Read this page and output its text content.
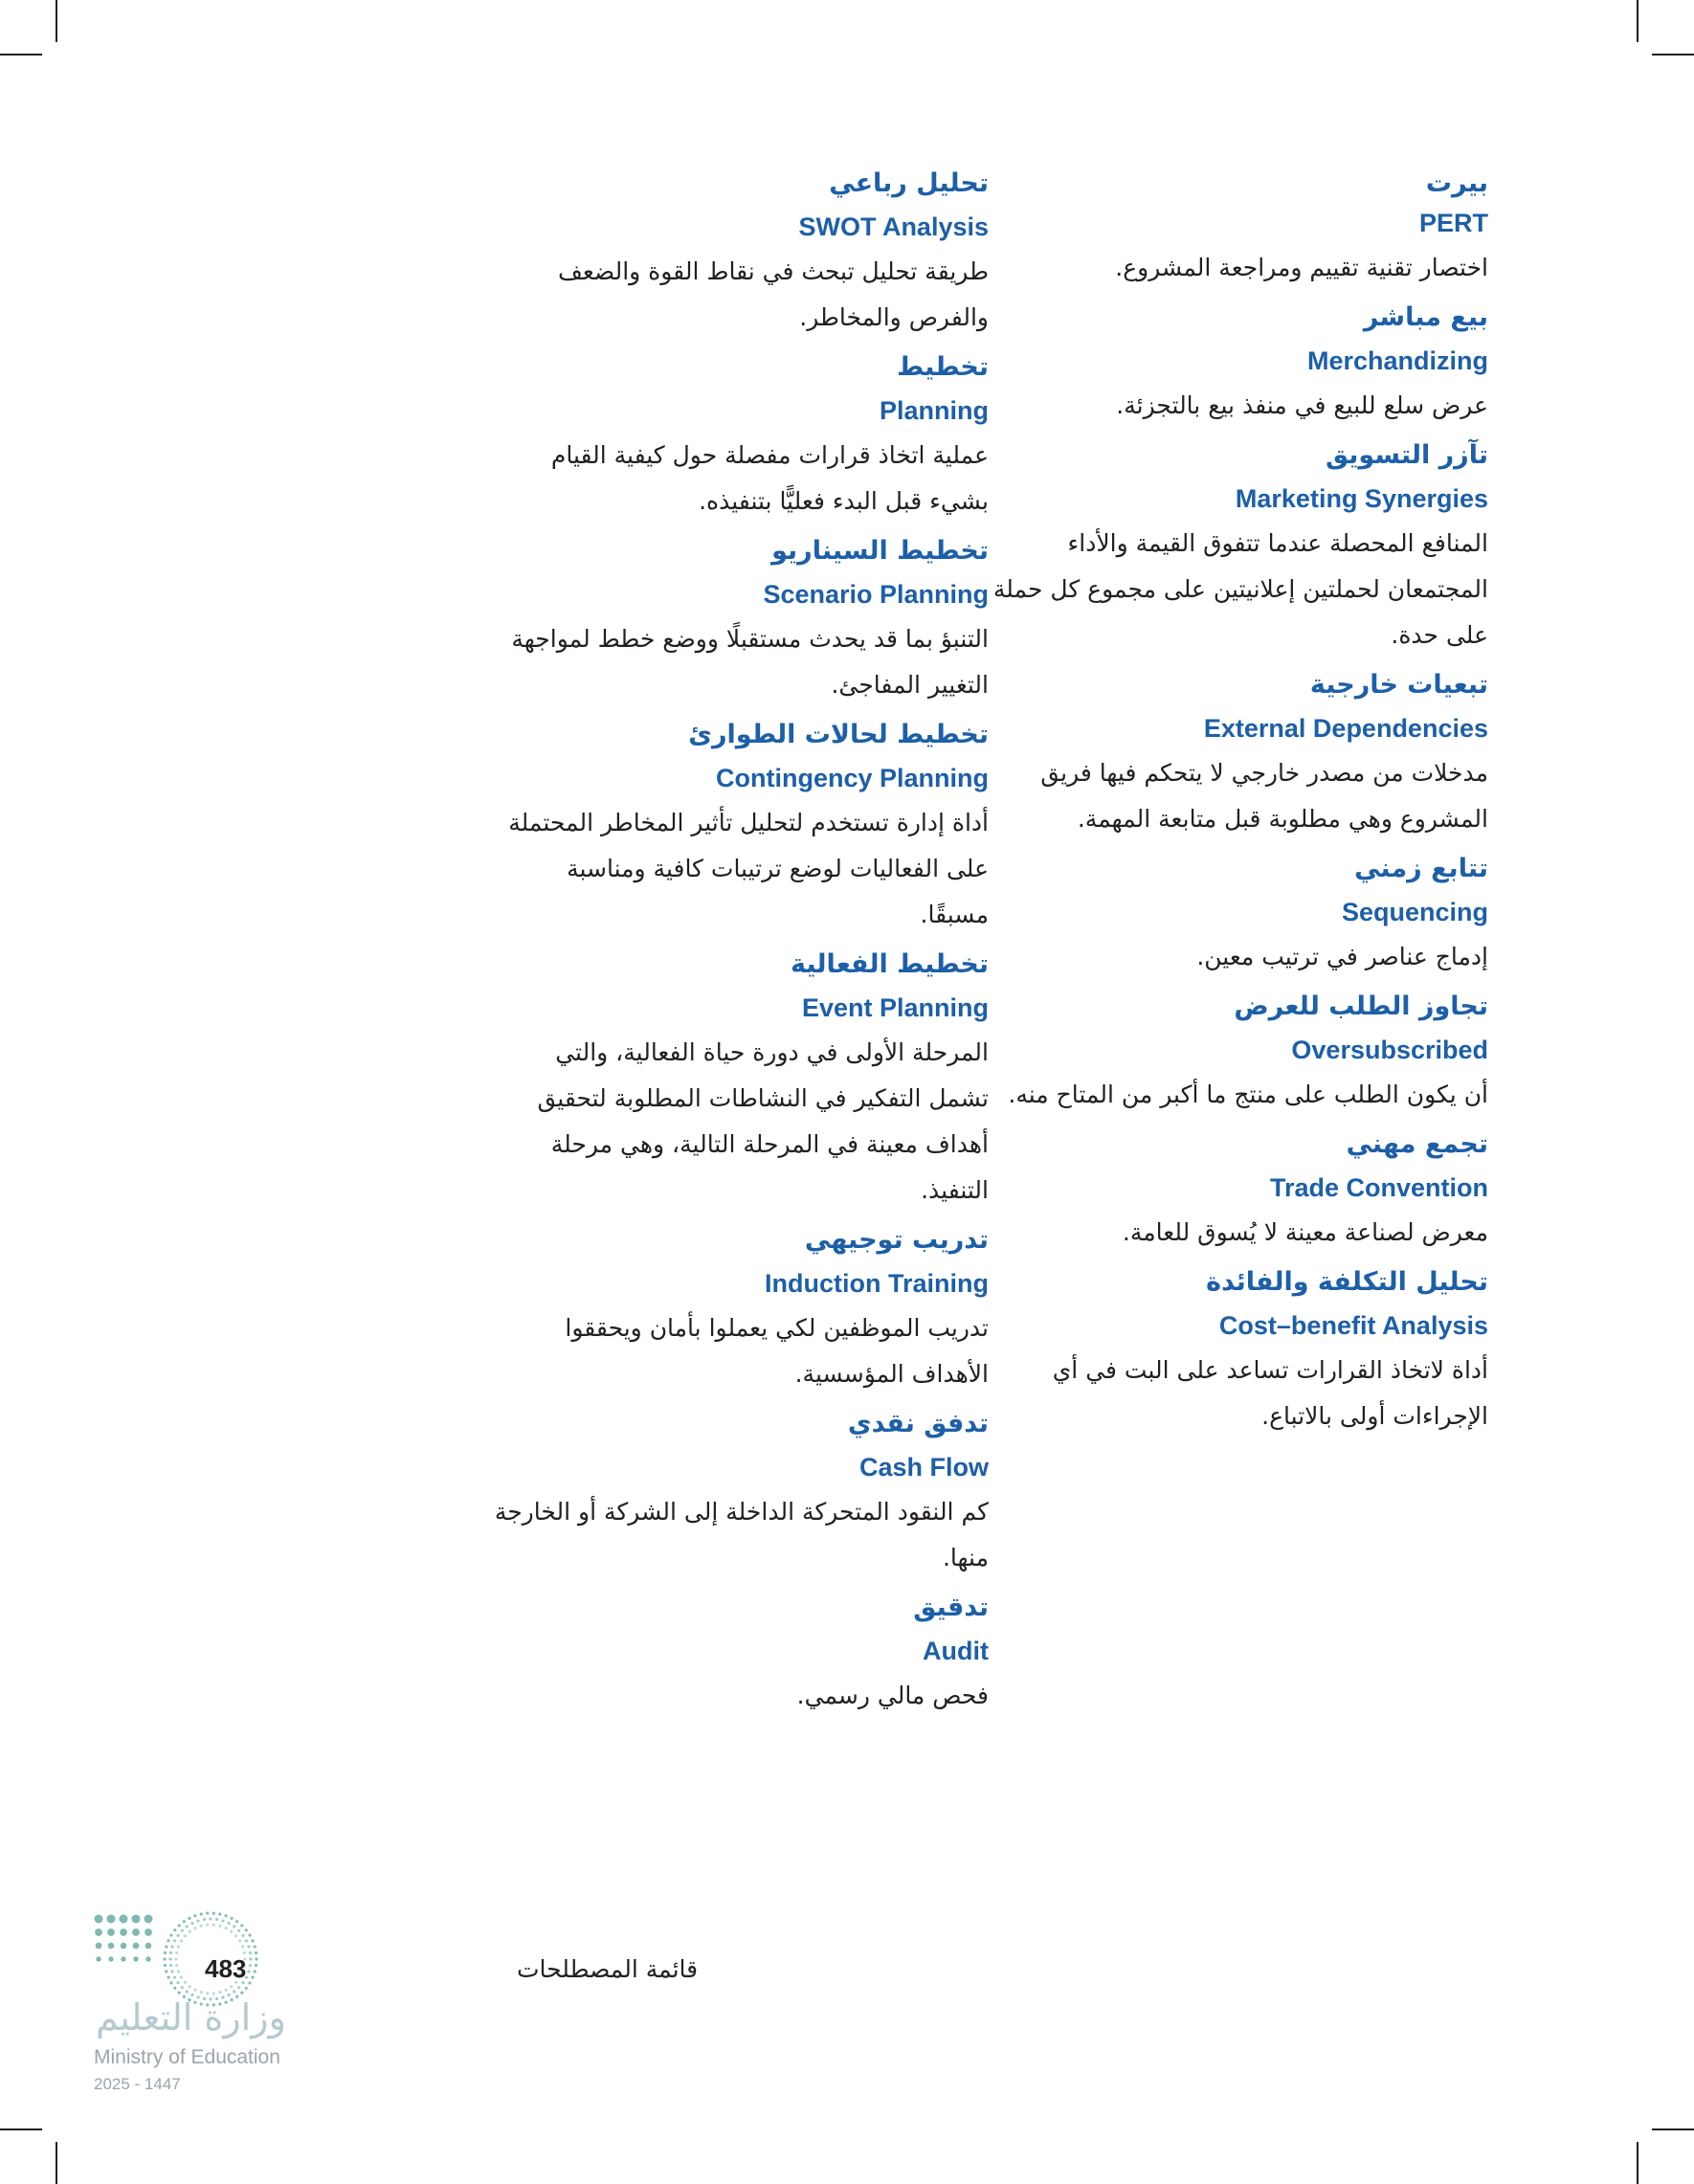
بيرت
PERT
اختصار تقنية تقييم ومراجعة المشروع.
بيع مباشر
Merchandizing
عرض سلع للبيع في منفذ بيع بالتجزئة.
تآزر التسويق
Marketing Synergies
المنافع المحصلة عندما تتفوق القيمة والأداء المجتمعان لحملتين إعلانيتين على مجموع كل حملة على حدة.
تبعيات خارجية
External Dependencies
مدخلات من مصدر خارجي لا يتحكم فيها فريق المشروع وهي مطلوبة قبل متابعة المهمة.
تتابع زمني
Sequencing
إدماج عناصر في ترتيب معين.
تجاوز الطلب للعرض
Oversubscribed
أن يكون الطلب على منتج ما أكبر من المتاح منه.
تجمع مهني
Trade Convention
معرض لصناعة معينة لا يُسوق للعامة.
تحليل التكلفة والفائدة
Cost–benefit Analysis
أداة لاتخاذ القرارات تساعد على البت في أي الإجراءات أولى بالاتباع.
تحليل رباعي
SWOT Analysis
طريقة تحليل تبحث في نقاط القوة والضعف والفرص والمخاطر.
تخطيط
Planning
عملية اتخاذ قرارات مفصلة حول كيفية القيام بشيء قبل البدء فعليًّا بتنفيذه.
تخطيط السيناريو
Scenario Planning
التنبؤ بما قد يحدث مستقبلًا ووضع خطط لمواجهة التغيير المفاجئ.
تخطيط لحالات الطوارئ
Contingency Planning
أداة إدارة تستخدم لتحليل تأثير المخاطر المحتملة على الفعاليات لوضع ترتيبات كافية ومناسبة مسبقًا.
تخطيط الفعالية
Event Planning
المرحلة الأولى في دورة حياة الفعالية، والتي تشمل التفكير في النشاطات المطلوبة لتحقيق أهداف معينة في المرحلة التالية، وهي مرحلة التنفيذ.
تدريب توجيهي
Induction Training
تدريب الموظفين لكي يعملوا بأمان ويحققوا الأهداف المؤسسية.
تدفق نقدي
Cash Flow
كم النقود المتحركة الداخلة إلى الشركة أو الخارجة منها.
تدقيق
Audit
فحص مالي رسمي.
قائمة المصطلحات
483
وزارة التعليم
Ministry of Education
2025 - 1447
